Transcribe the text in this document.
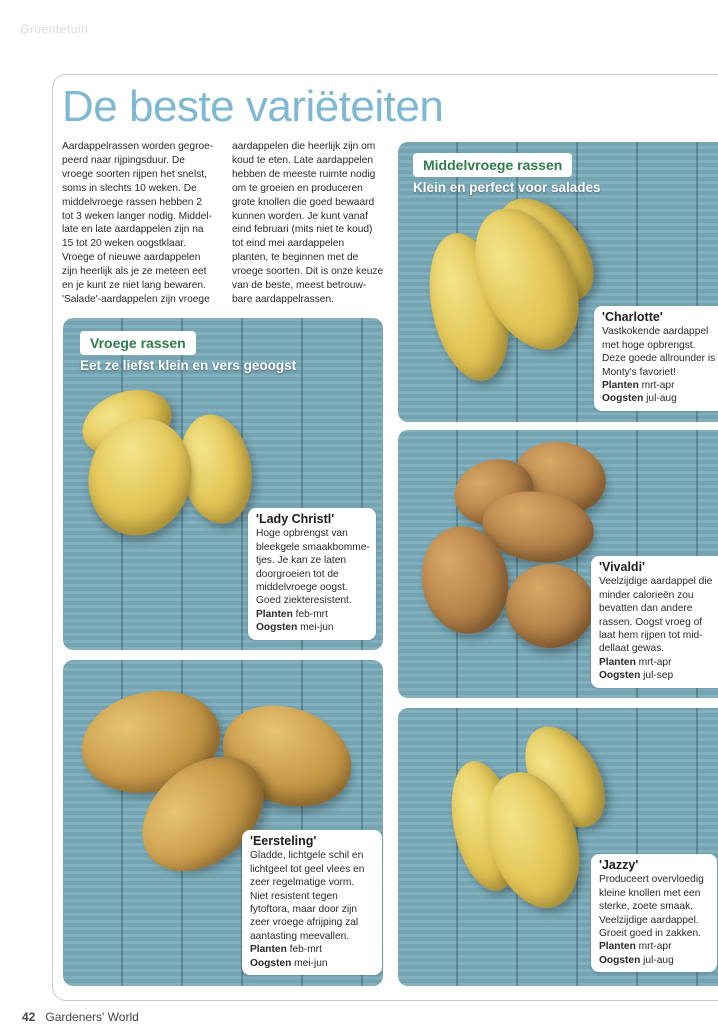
Groentetuin
De beste variëteiten
Aardappelrassen worden gegroe-
peerd naar rijpingsduur. De
vroege soorten rijpen het snelst,
soms in slechts 10 weken. De
middelvroege rassen hebben 2
tot 3 weken langer nodig. Middel-
late en late aardappelen zijn na
15 tot 20 weken oogstklaar.
Vroege of nieuwe aardappelen
zijn heerlijk als je ze meteen eet
en je kunt ze niet lang bewaren.
'Salade'-aardappelen zijn vroege
aardappelen die heerlijk zijn om
koud te eten. Late aardappelen
hebben de meeste ruimte nodig
om te groeien en produceren
grote knollen die goed bewaard
kunnen worden. Je kunt vanaf
eind februari (mits niet te koud)
tot eind mei aardappelen
planten, te beginnen met de
vroege soorten. Dit is onze keuze
van de beste, meest betrouw-
bare aardappelrassen.
Vroege rassen
Eet ze liefst klein en vers geoogst
'Lady Christl'
Hoge opbrengst van
bleekgele smaakbomme-
tjes. Je kan ze laten
doorgroeien tot de
middelvroege oogst.
Goed ziekteresistent.
Planten feb-mrt
Oogsten mei-jun
'Eersteling'
Gladde, lichtgele schil en
lichtgeel tot geel vlees en
zeer regelmatige vorm.
Niet resistent tegen
fytoftora, maar door zijn
zeer vroege afrijping zal
aantasting meevallen.
Planten feb-mrt
Oogsten mei-jun
Middelvroege rassen
Klein en perfect voor salades
'Charlotte'
Vastkokende aardappel
met hoge opbrengst.
Deze goede allrounder is
Monty's favoriet!
Planten mrt-apr
Oogsten jul-aug
'Vivaldi'
Veelzijdige aardappel die
minder calorieën zou
bevatten dan andere
rassen. Oogst vroeg of
laat hem rijpen tot mid-
dellaat gewas.
Planten mrt-apr
Oogsten jul-sep
'Jazzy'
Produceert overvloedig
kleine knollen met een
sterke, zoete smaak.
Veelzijdige aardappel.
Groeit goed in zakken.
Planten mrt-apr
Oogsten jul-aug
42 Gardeners' World
